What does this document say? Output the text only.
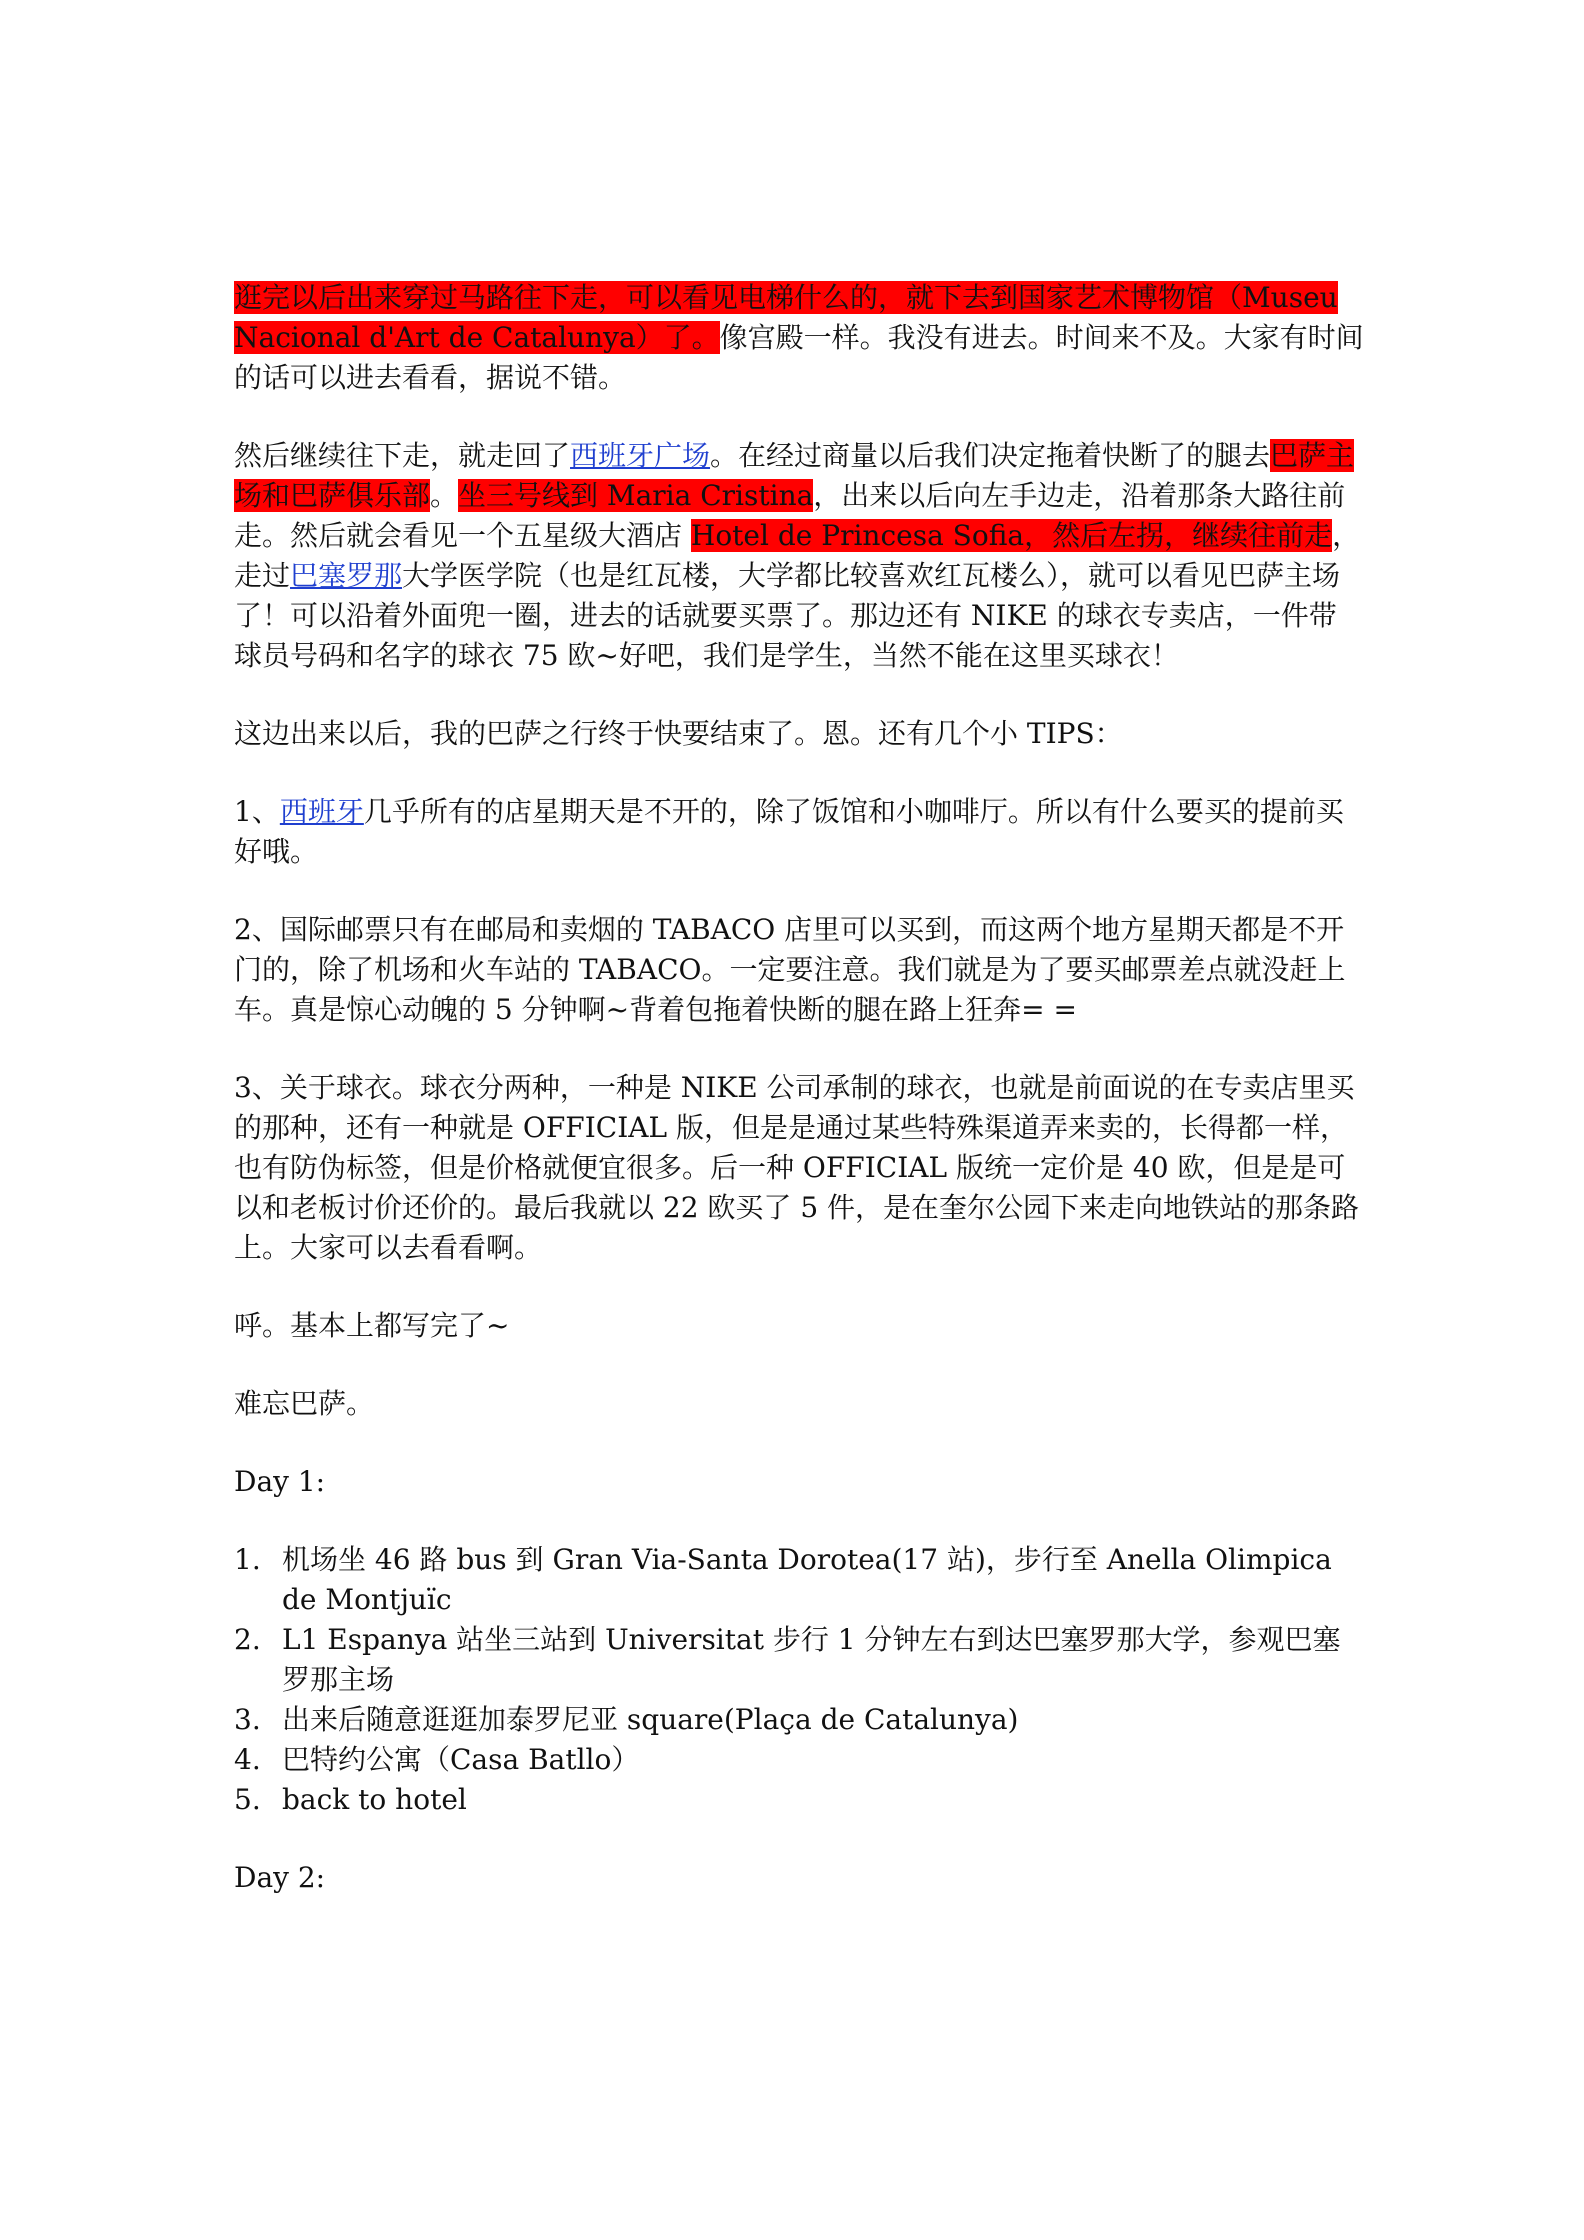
逛完以后出来穿过马路往下走，可以看见电梯什么的，就下去到国家艺术博物馆（Museu Nacional d'Art de Catalunya）了。像宫殿一样。我没有进去。时间来不及。大家有时间的话可以进去看看，据说不错。

然后继续往下走，就走回了西班牙广场。在经过商量以后我们决定拖着快断了的腿去巴萨主场和巴萨俱乐部。坐三号线到 Maria Cristina，出来以后向左手边走，沿着那条大路往前走。然后就会看见一个五星级大酒店 Hotel de Princesa Sofia，然后左拐，继续往前走，走过巴塞罗那大学医学院（也是红瓦楼，大学都比较喜欢红瓦楼么），就可以看见巴萨主场了！可以沿着外面兜一圈，进去的话就要买票了。那边还有 NIKE 的球衣专卖店，一件带球员号码和名字的球衣 75 欧~好吧，我们是学生，当然不能在这里买球衣！

这边出来以后，我的巴萨之行终于快要结束了。恩。还有几个小 TIPS：

1、西班牙几乎所有的店星期天是不开的，除了饭馆和小咖啡厅。所以有什么要买的提前买好哦。

2、国际邮票只有在邮局和卖烟的 TABACO 店里可以买到，而这两个地方星期天都是不开门的，除了机场和火车站的 TABACO。一定要注意。我们就是为了要买邮票差点就没赶上车。真是惊心动魄的 5 分钟啊~背着包拖着快断的腿在路上狂奔= =

3、关于球衣。球衣分两种，一种是 NIKE 公司承制的球衣，也就是前面说的在专卖店里买的那种，还有一种就是 OFFICIAL 版，但是是通过某些特殊渠道弄来卖的，长得都一样，也有防伪标签，但是价格就便宜很多。后一种 OFFICIAL 版统一定价是 40 欧，但是是可以和老板讨价还价的。最后我就以 22 欧买了 5 件，是在奎尔公园下来走向地铁站的那条路上。大家可以去看看啊。

呼。基本上都写完了~

难忘巴萨。

Day 1:

1. 机场坐 46 路 bus 到 Gran Via-Santa Dorotea(17 站)，步行至 Anella Olimpica de Montjuïc
2. L1 Espanya 站坐三站到 Universitat 步行 1 分钟左右到达巴塞罗那大学，参观巴塞罗那主场
3. 出来后随意逛逛加泰罗尼亚 square(Plaça de Catalunya)
4. 巴特约公寓（Casa Batllo）
5. back to hotel

Day 2:
